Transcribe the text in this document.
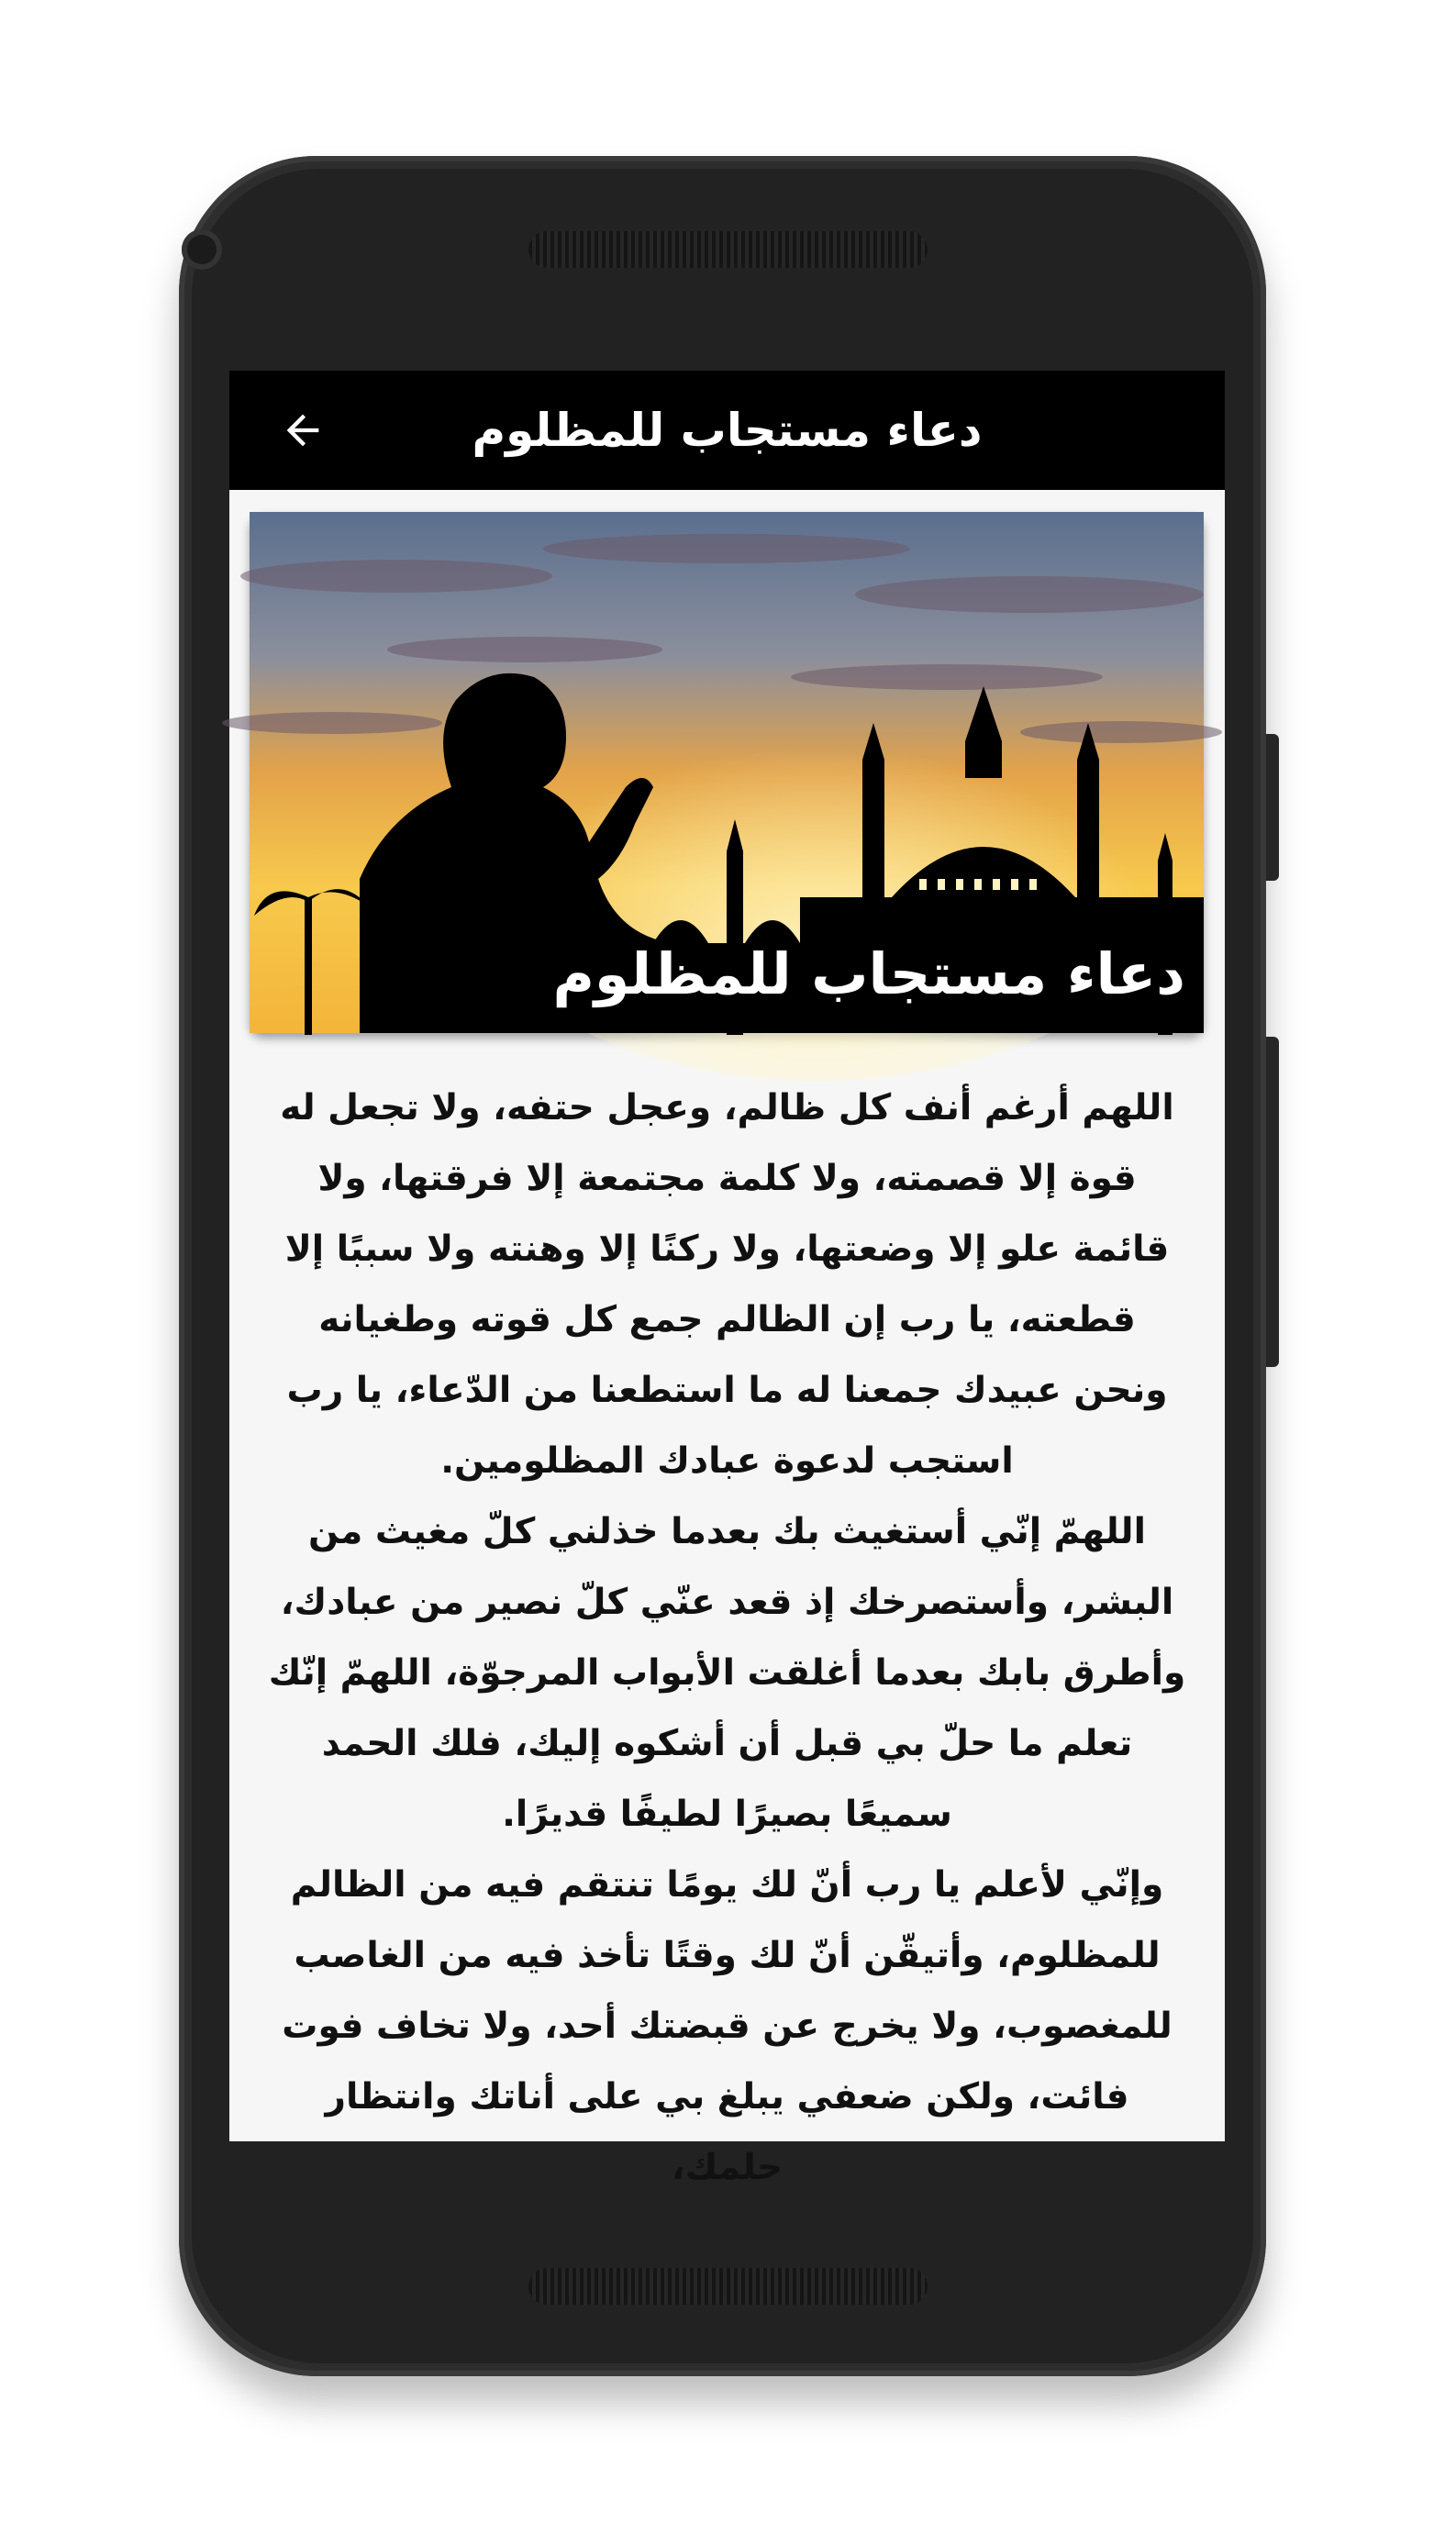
دعاء مستجاب للمظلوم
دعاء مستجاب للمظلوم

اللهم أرغم أنف كل ظالم، وعجل حتفه، ولا تجعل له قوة إلا قصمته، ولا كلمة مجتمعة إلا فرقتها، ولا قائمة علو إلا وضعتها، ولا ركنًا إلا وهنته ولا سببًا إلا قطعته، يا رب إن الظالم جمع كل قوته وطغيانه ونحن عبيدك جمعنا له ما استطعنا من الدّعاء، يا رب استجب لدعوة عبادك المظلومين.

اللهمّ إنّي أستغيث بك بعدما خذلني كلّ مغيث من البشر، وأستصرخك إذ قعد عنّي كلّ نصير من عبادك، وأطرق بابك بعدما أغلقت الأبواب المرجوّة، اللهمّ إنّك تعلم ما حلّ بي قبل أن أشكوه إليك، فلك الحمد سميعًا بصيرًا لطيفًا قديرًا.

وإنّي لأعلم يا رب أنّ لك يومًا تنتقم فيه من الظالم للمظلوم، وأتيقّن أنّ لك وقتًا تأخذ فيه من الغاصب للمغصوب، ولا يخرج عن قبضتك أحد، ولا تخاف فوت فائت، ولكن ضعفي يبلغ بي على أناتك وانتظار حلمك،
